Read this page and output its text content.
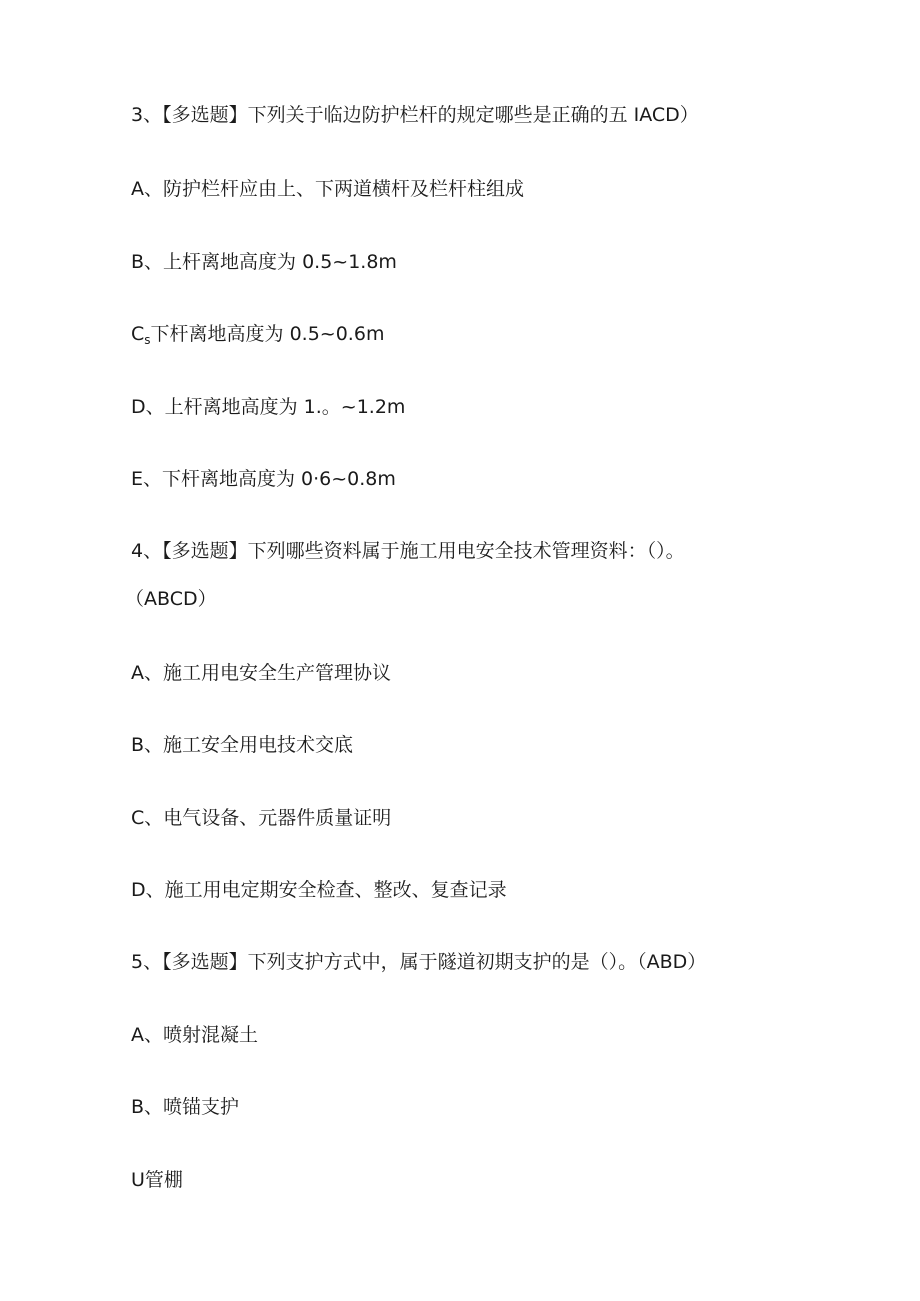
3、【多选题】下列关于临边防护栏杆的规定哪些是正确的五 IACD）
A、防护栏杆应由上、下两道横杆及栏杆柱组成
B、上杆离地高度为 0.5~1.8m
$C_s$下杆离地高度为 0.5~0.6m
D、上杆离地高度为 1.。~1.2m
E、下杆离地高度为 0·6~0.8m
4、【多选题】下列哪些资料属于施工用电安全技术管理资料：（）。
（ABCD）
A、施工用电安全生产管理协议
B、施工安全用电技术交底
C、电气设备、元器件质量证明
D、施工用电定期安全检查、整改、复查记录
5、【多选题】下列支护方式中，属于隧道初期支护的是（）。（ABD）
A、喷射混凝土
B、喷锚支护
U管棚
